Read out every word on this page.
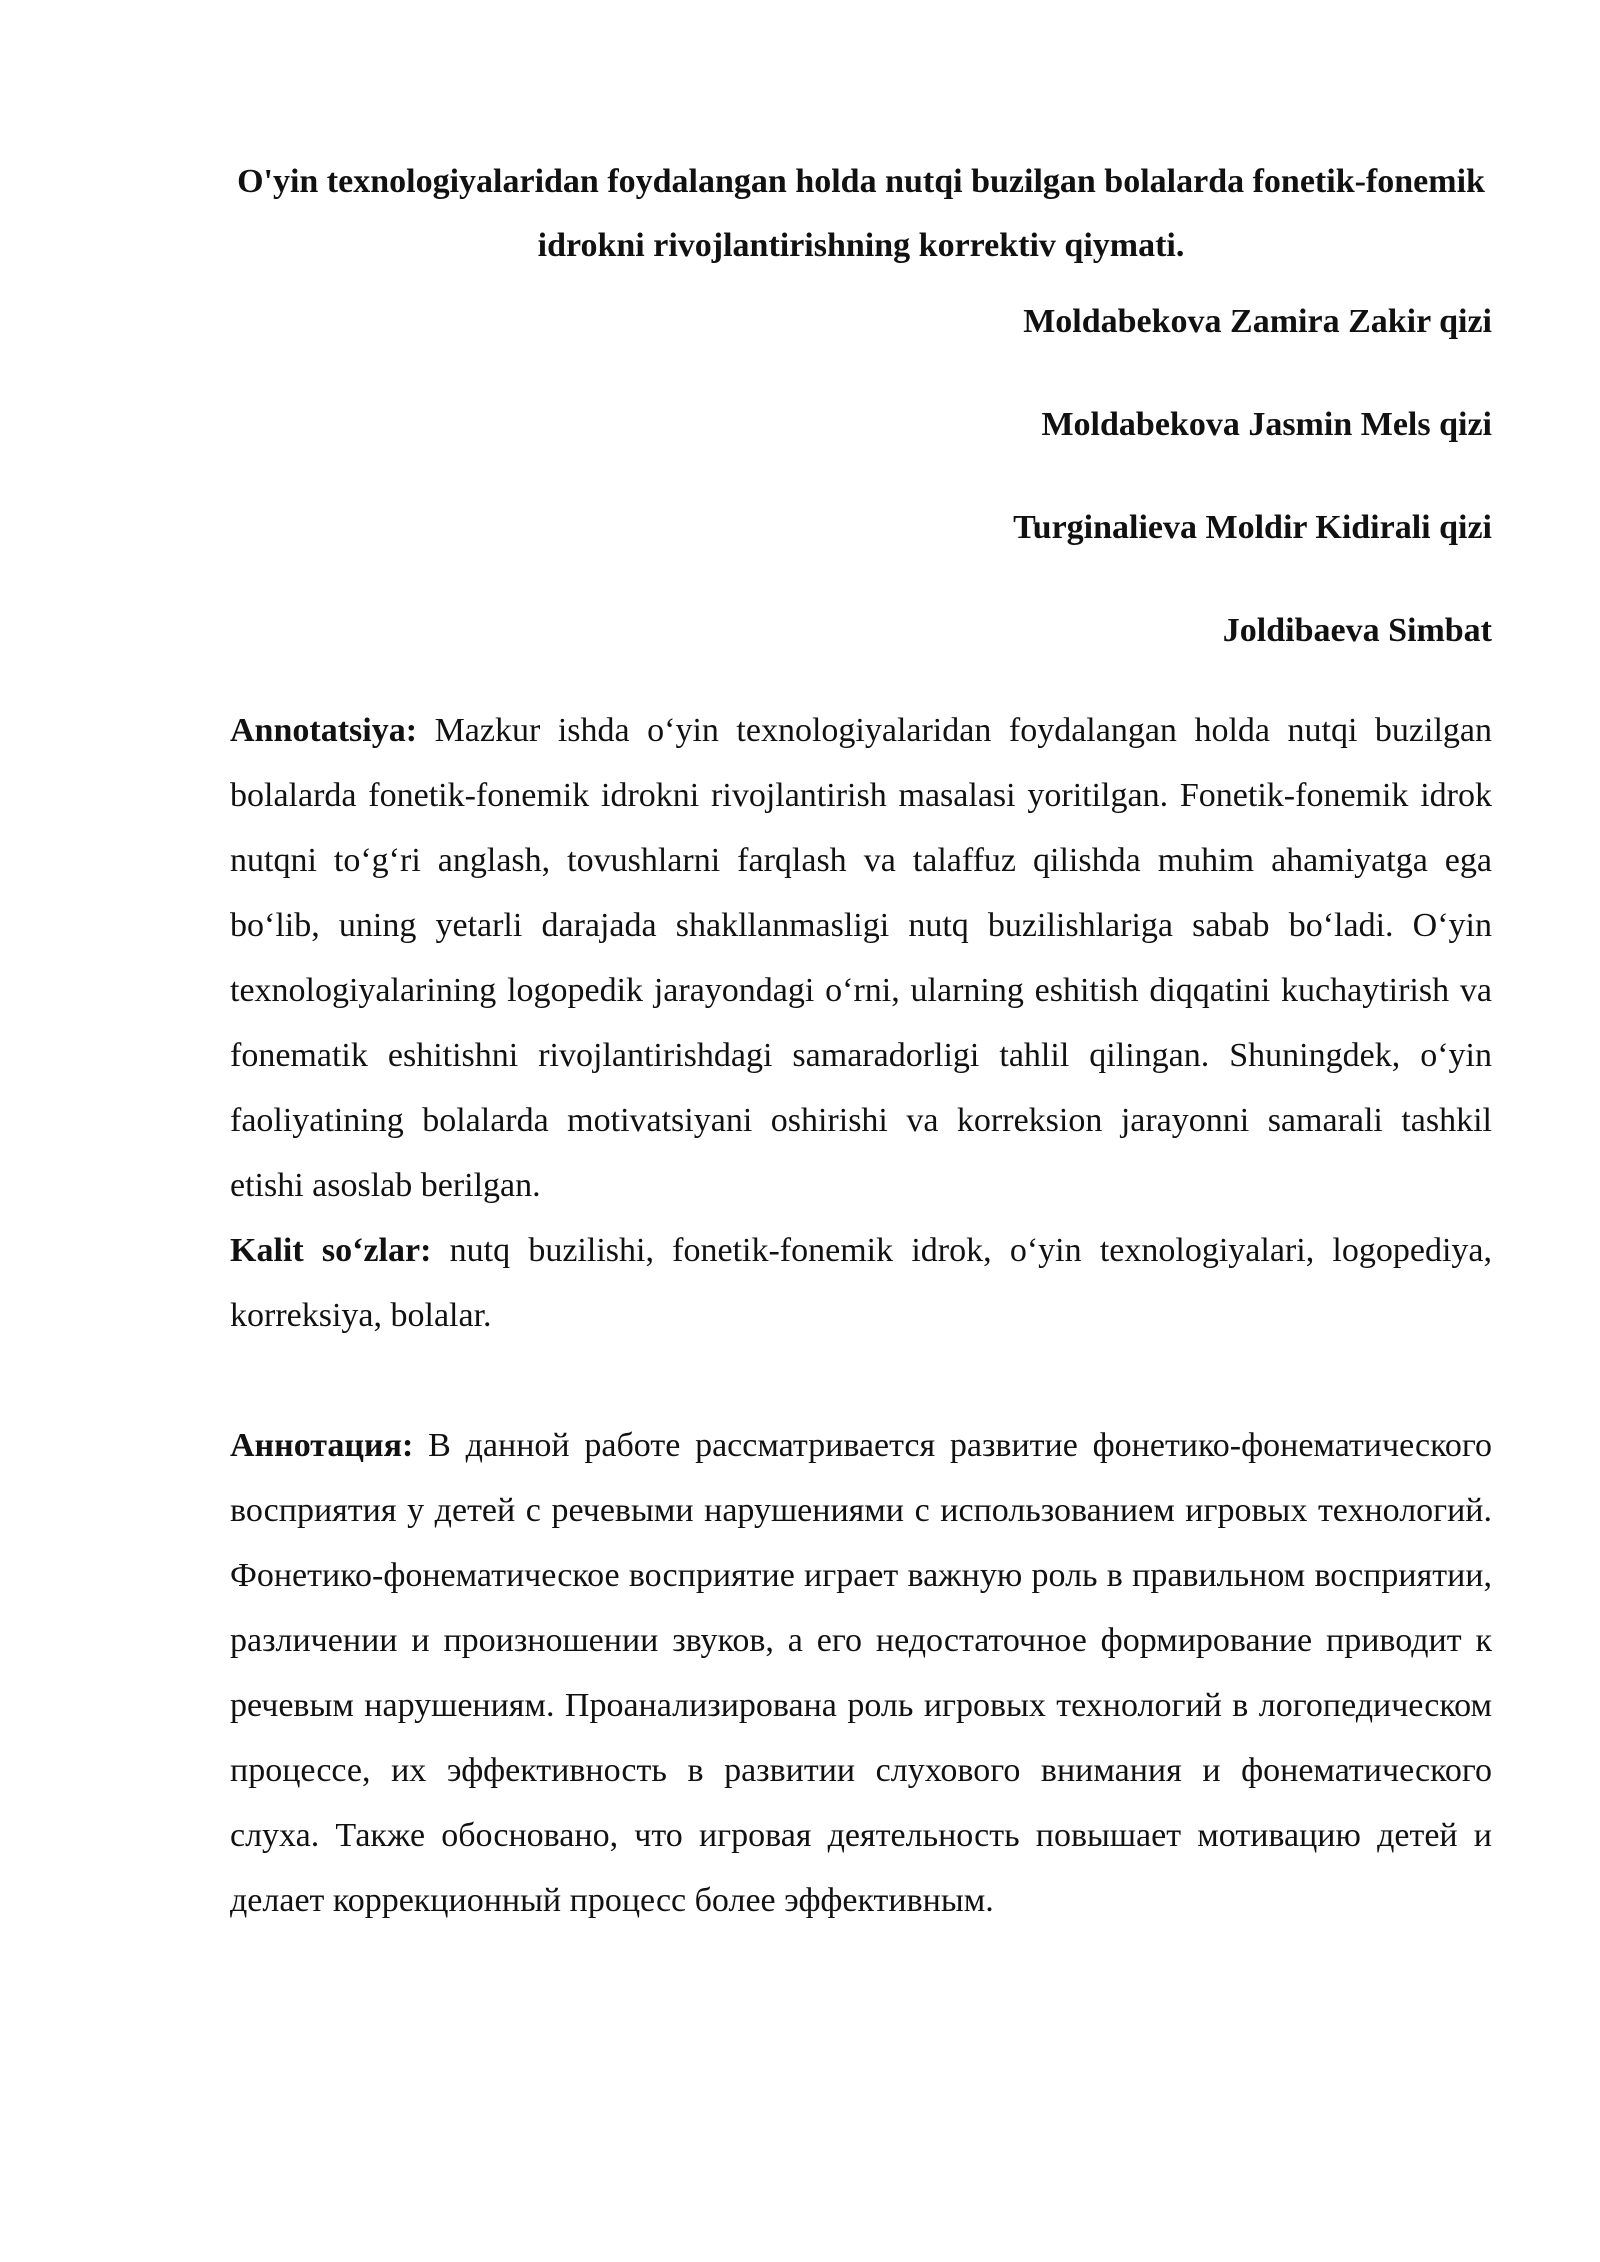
O'yin texnologiyalaridan foydalangan holda nutqi buzilgan bolalarda fonetik-fonemik idrokni rivojlantirishning korrektiv qiymati.

Moldabekova Zamira Zakir qizi

Moldabekova Jasmin Mels qizi

Turginalieva Moldir Kidirali qizi

Joldibaeva Simbat

Annotatsiya: Mazkur ishda o‘yin texnologiyalaridan foydalangan holda nutqi buzilgan bolalarda fonetik-fonemik idrokni rivojlantirish masalasi yoritilgan. Fonetik-fonemik idrok nutqni to‘g‘ri anglash, tovushlarni farqlash va talaffuz qilishda muhim ahamiyatga ega bo‘lib, uning yetarli darajada shakllanmasligi nutq buzilishlariga sabab bo‘ladi. O‘yin texnologiyalarining logopedik jarayondagi o‘rni, ularning eshitish diqqatini kuchaytirish va fonematik eshitishni rivojlantirishdagi samaradorligi tahlil qilingan. Shuningdek, o‘yin faoliyatining bolalarda motivatsiyani oshirishi va korreksion jarayonni samarali tashkil etishi asoslab berilgan.

Kalit so‘zlar: nutq buzilishi, fonetik-fonemik idrok, o‘yin texnologiyalari, logopediya, korreksiya, bolalar.

Аннотация: В данной работе рассматривается развитие фонетико-фонематического восприятия у детей с речевыми нарушениями с использованием игровых технологий. Фонетико-фонематическое восприятие играет важную роль в правильном восприятии, различении и произношении звуков, а его недостаточное формирование приводит к речевым нарушениям. Проанализирована роль игровых технологий в логопедическом процессе, их эффективность в развитии слухового внимания и фонематического слуха. Также обосновано, что игровая деятельность повышает мотивацию детей и делает коррекционный процесс более эффективным.
